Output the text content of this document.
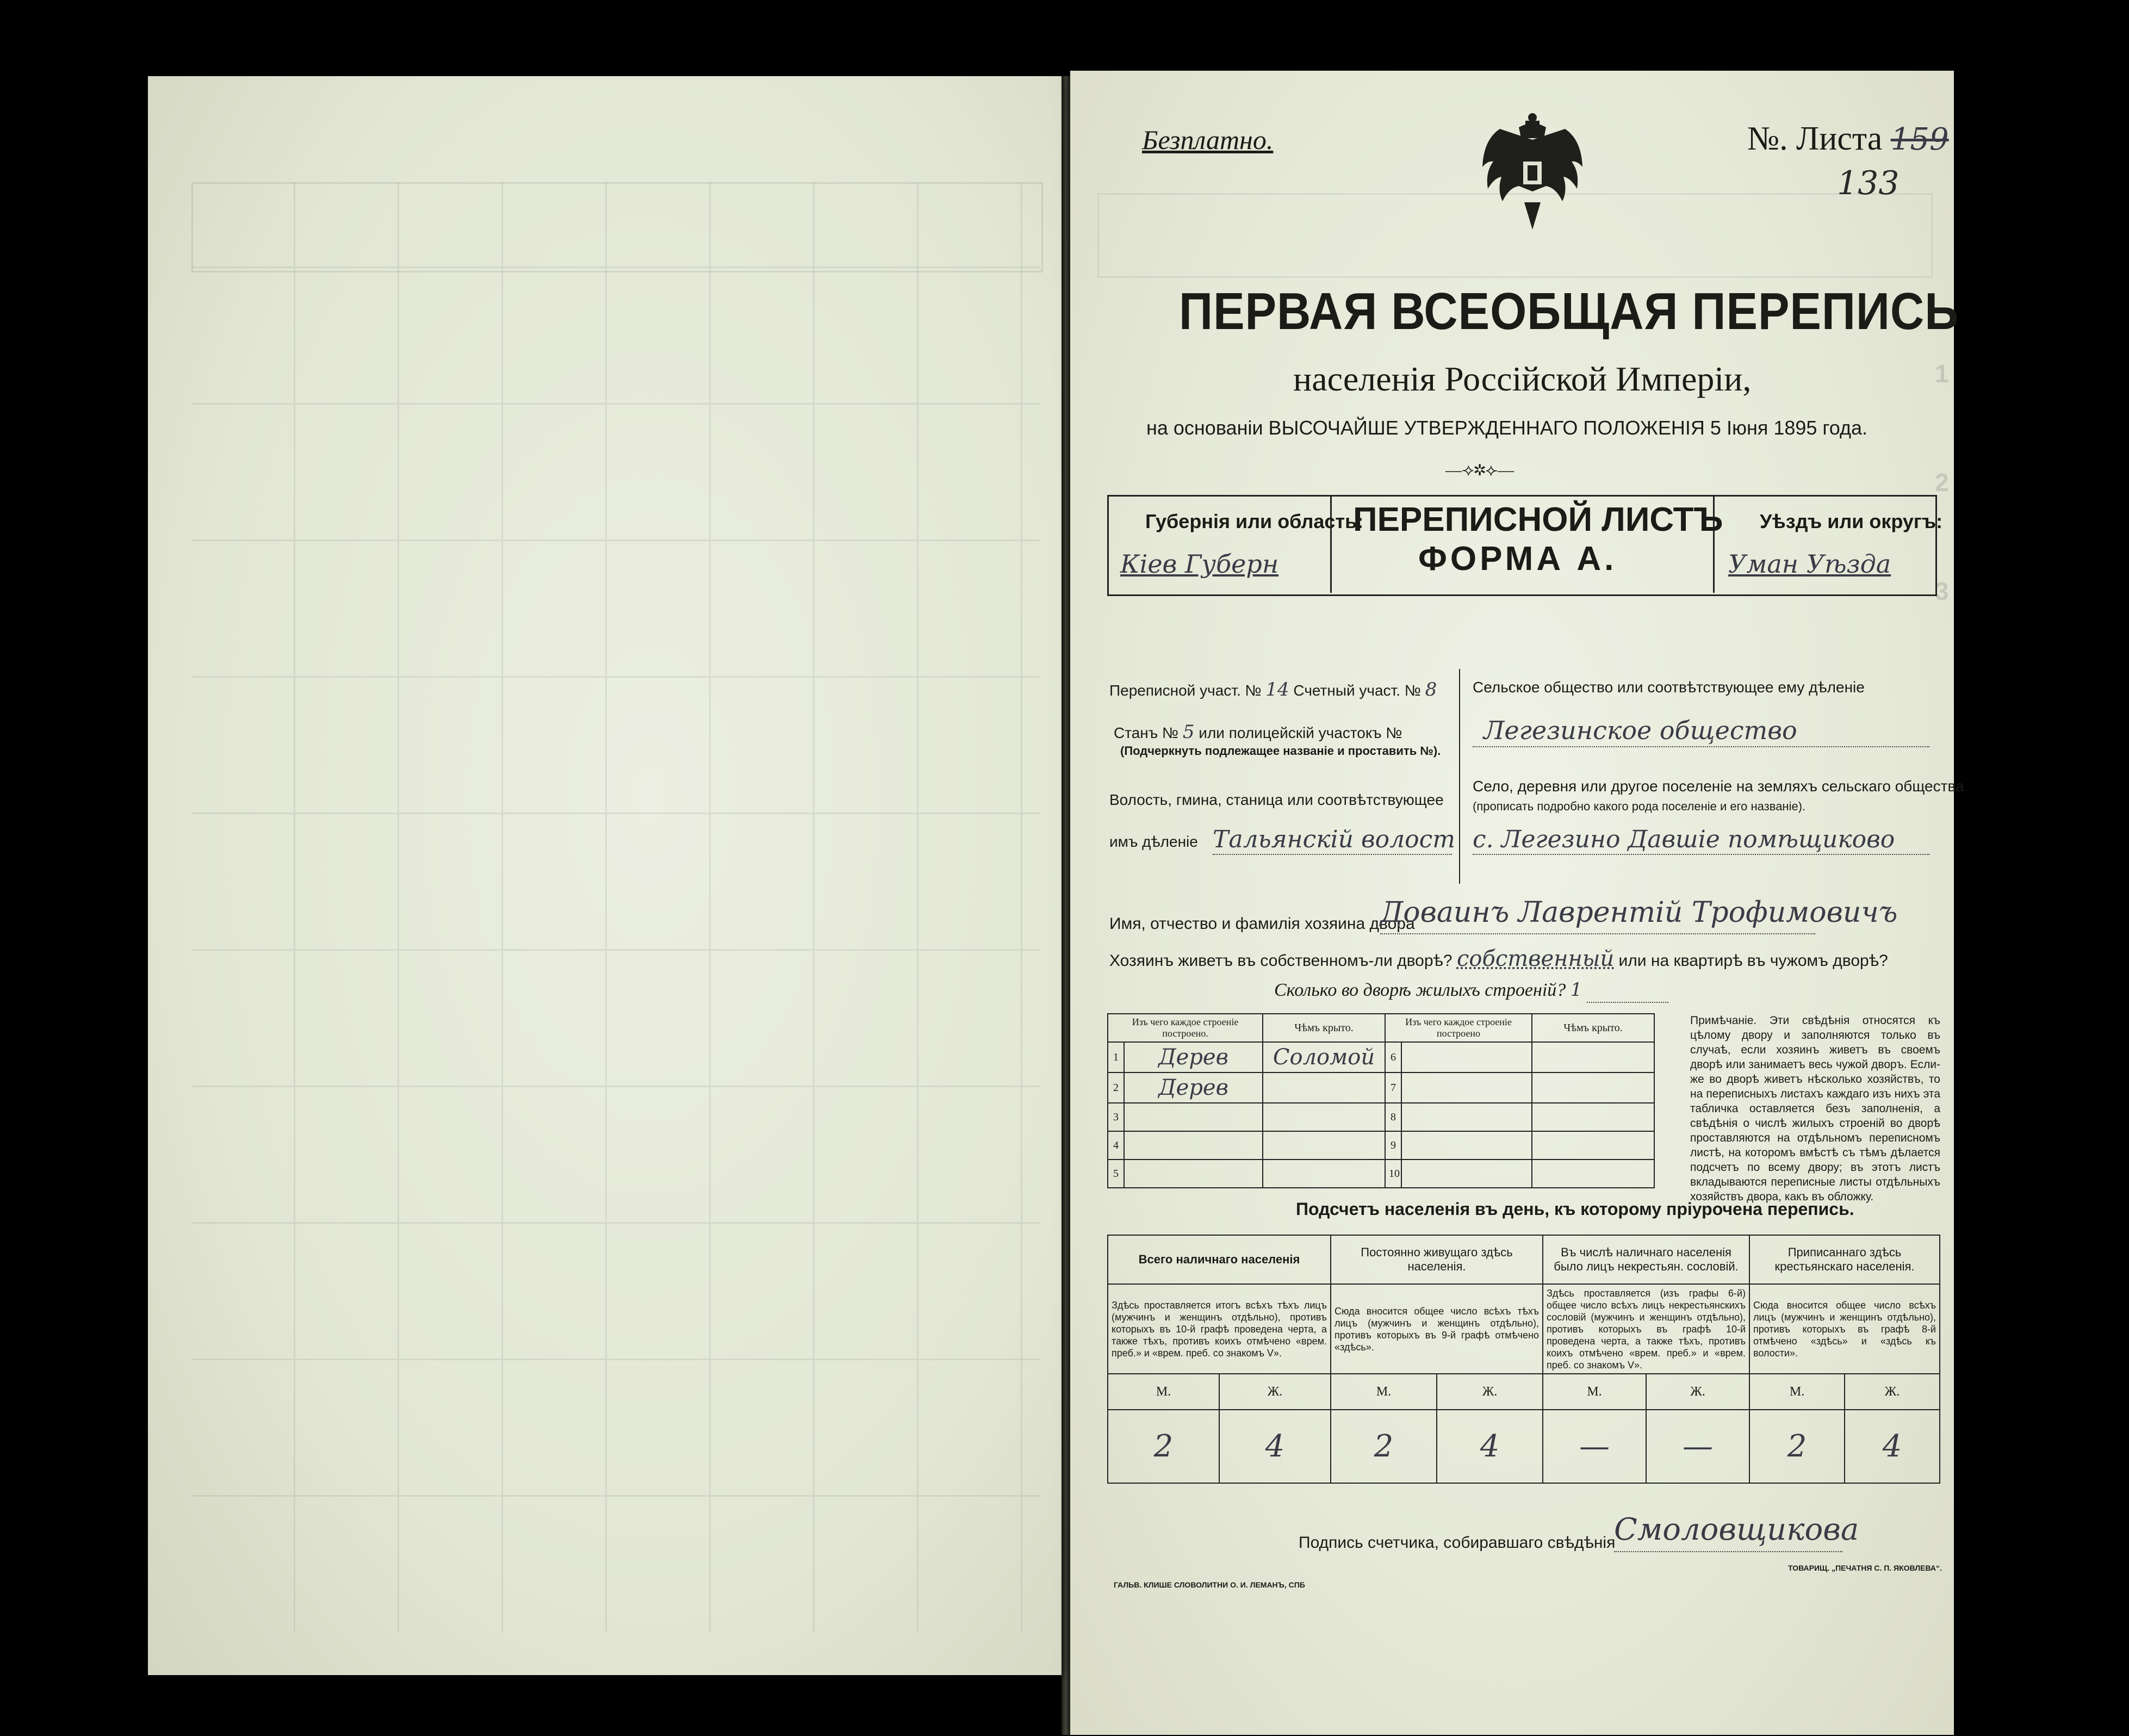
1
2
3
Безплатно.	№. Листа 159
133
ПЕРВАЯ ВСЕОБЩАЯ ПЕРЕПИСЬ
населенія Россійской Имперіи,
на основаніи ВЫСОЧАЙШЕ УТВЕРЖДЕННАГО ПОЛОЖЕНІЯ 5 Іюня 1895 года.
—⟢✲⟣—
Губернія или область:
Кіев Губерн
ПЕРЕПИСНОЙ ЛИСТЪ
ФОРМА А.
Уѣздъ или округъ:
Уман Уѣзда
Переписной участ. № 14 Счетный участ. № 8
Станъ № 5 или полицейскій участокъ №
(Подчеркнуть подлежащее названіе и проставить №).
Волость, гмина, станица или соотвѣтствующее
имъ дѣленіе Тальянскій волост
Сельское общество или соотвѣтствующее ему дѣленіе
Легезинское общество
Село, деревня или другое поселеніе на земляхъ сельскаго общества
(прописать подробно какого рода поселеніе и его названіе).
с. Легезино Давшіе помѣщиково
Имя, отчество и фамилія хозяина двора
Доваинъ Лаврентій Трофимовичъ
Хозяинъ живетъ въ собственномъ-ли дворѣ? собственный или на квартирѣ въ чужомъ дворѣ?
Сколько во дворѣ жилыхъ строеній? 1
Изъ чего каждое строеніе построено.		Чѣмъ крыто.	Изъ чего каждое строеніе построено		Чѣмъ крыто.
1	Дерев	Соломой	6		
2	Дерев		7		
3			8		
4			9		
5			10		
Примѣчаніе. Эти свѣдѣнія относятся къ цѣлому двору и заполняются только въ случаѣ, если хозяинъ живетъ въ своемъ дворѣ или занимаетъ весь чужой дворъ. Если-же во дворѣ живетъ нѣсколько хозяйствъ, то на переписныхъ листахъ каждаго изъ нихъ эта табличка оставляется безъ заполненія, а свѣдѣнія о числѣ жилыхъ строеній во дворѣ проставляются на отдѣльномъ переписномъ листѣ, на которомъ вмѣстѣ съ тѣмъ дѣлается подсчетъ по всему двору; въ этотъ листъ вкладываются переписные листы отдѣльныхъ хозяйствъ двора, какъ въ обложку.
Подсчетъ населенія въ день, къ которому пріурочена перепись.
Всего наличнаго населенія		Постоянно живущаго здѣсь населенія.		Въ числѣ наличнаго населенія было лицъ некрестьян. сословій.		Приписаннаго здѣсь крестьянскаго населенія.	
Здѣсь проставляется итогъ всѣхъ тѣхъ лицъ (мужчинъ и женщинъ отдѣльно), противъ которыхъ въ 10-й графѣ проведена черта, а также тѣхъ, противъ коихъ отмѣчено «врем. преб.» и «врем. преб. со знакомъ V».		Сюда вносится общее число всѣхъ тѣхъ лицъ (мужчинъ и женщинъ отдѣльно), противъ которыхъ въ 9-й графѣ отмѣчено «здѣсь».		Здѣсь проставляется (изъ графы 6-й) общее число всѣхъ лицъ некрестьянскихъ сословій (мужчинъ и женщинъ отдѣльно), противъ которыхъ въ графѣ 10-й проведена черта, а также тѣхъ, противъ коихъ отмѣчено «врем. преб.» и «врем. преб. со знакомъ V».		Сюда вносится общее число всѣхъ лицъ (мужчинъ и женщинъ отдѣльно), противъ которыхъ въ графѣ 8-й отмѣчено «здѣсь» и «здѣсь къ волости».	
М.	Ж.	М.	Ж.	М.	Ж.	М.	Ж.
2	4	2	4	—	—	2	4
Подпись счетчика, собиравшаго свѣдѣнія
Смоловщикова
ГАЛЬВ. КЛИШЕ СЛОВОЛИТНИ О. И. ЛЕМАНЪ, СПБ
ТОВАРИЩ. „ПЕЧАТНЯ С. П. ЯКОВЛЕВА“.
